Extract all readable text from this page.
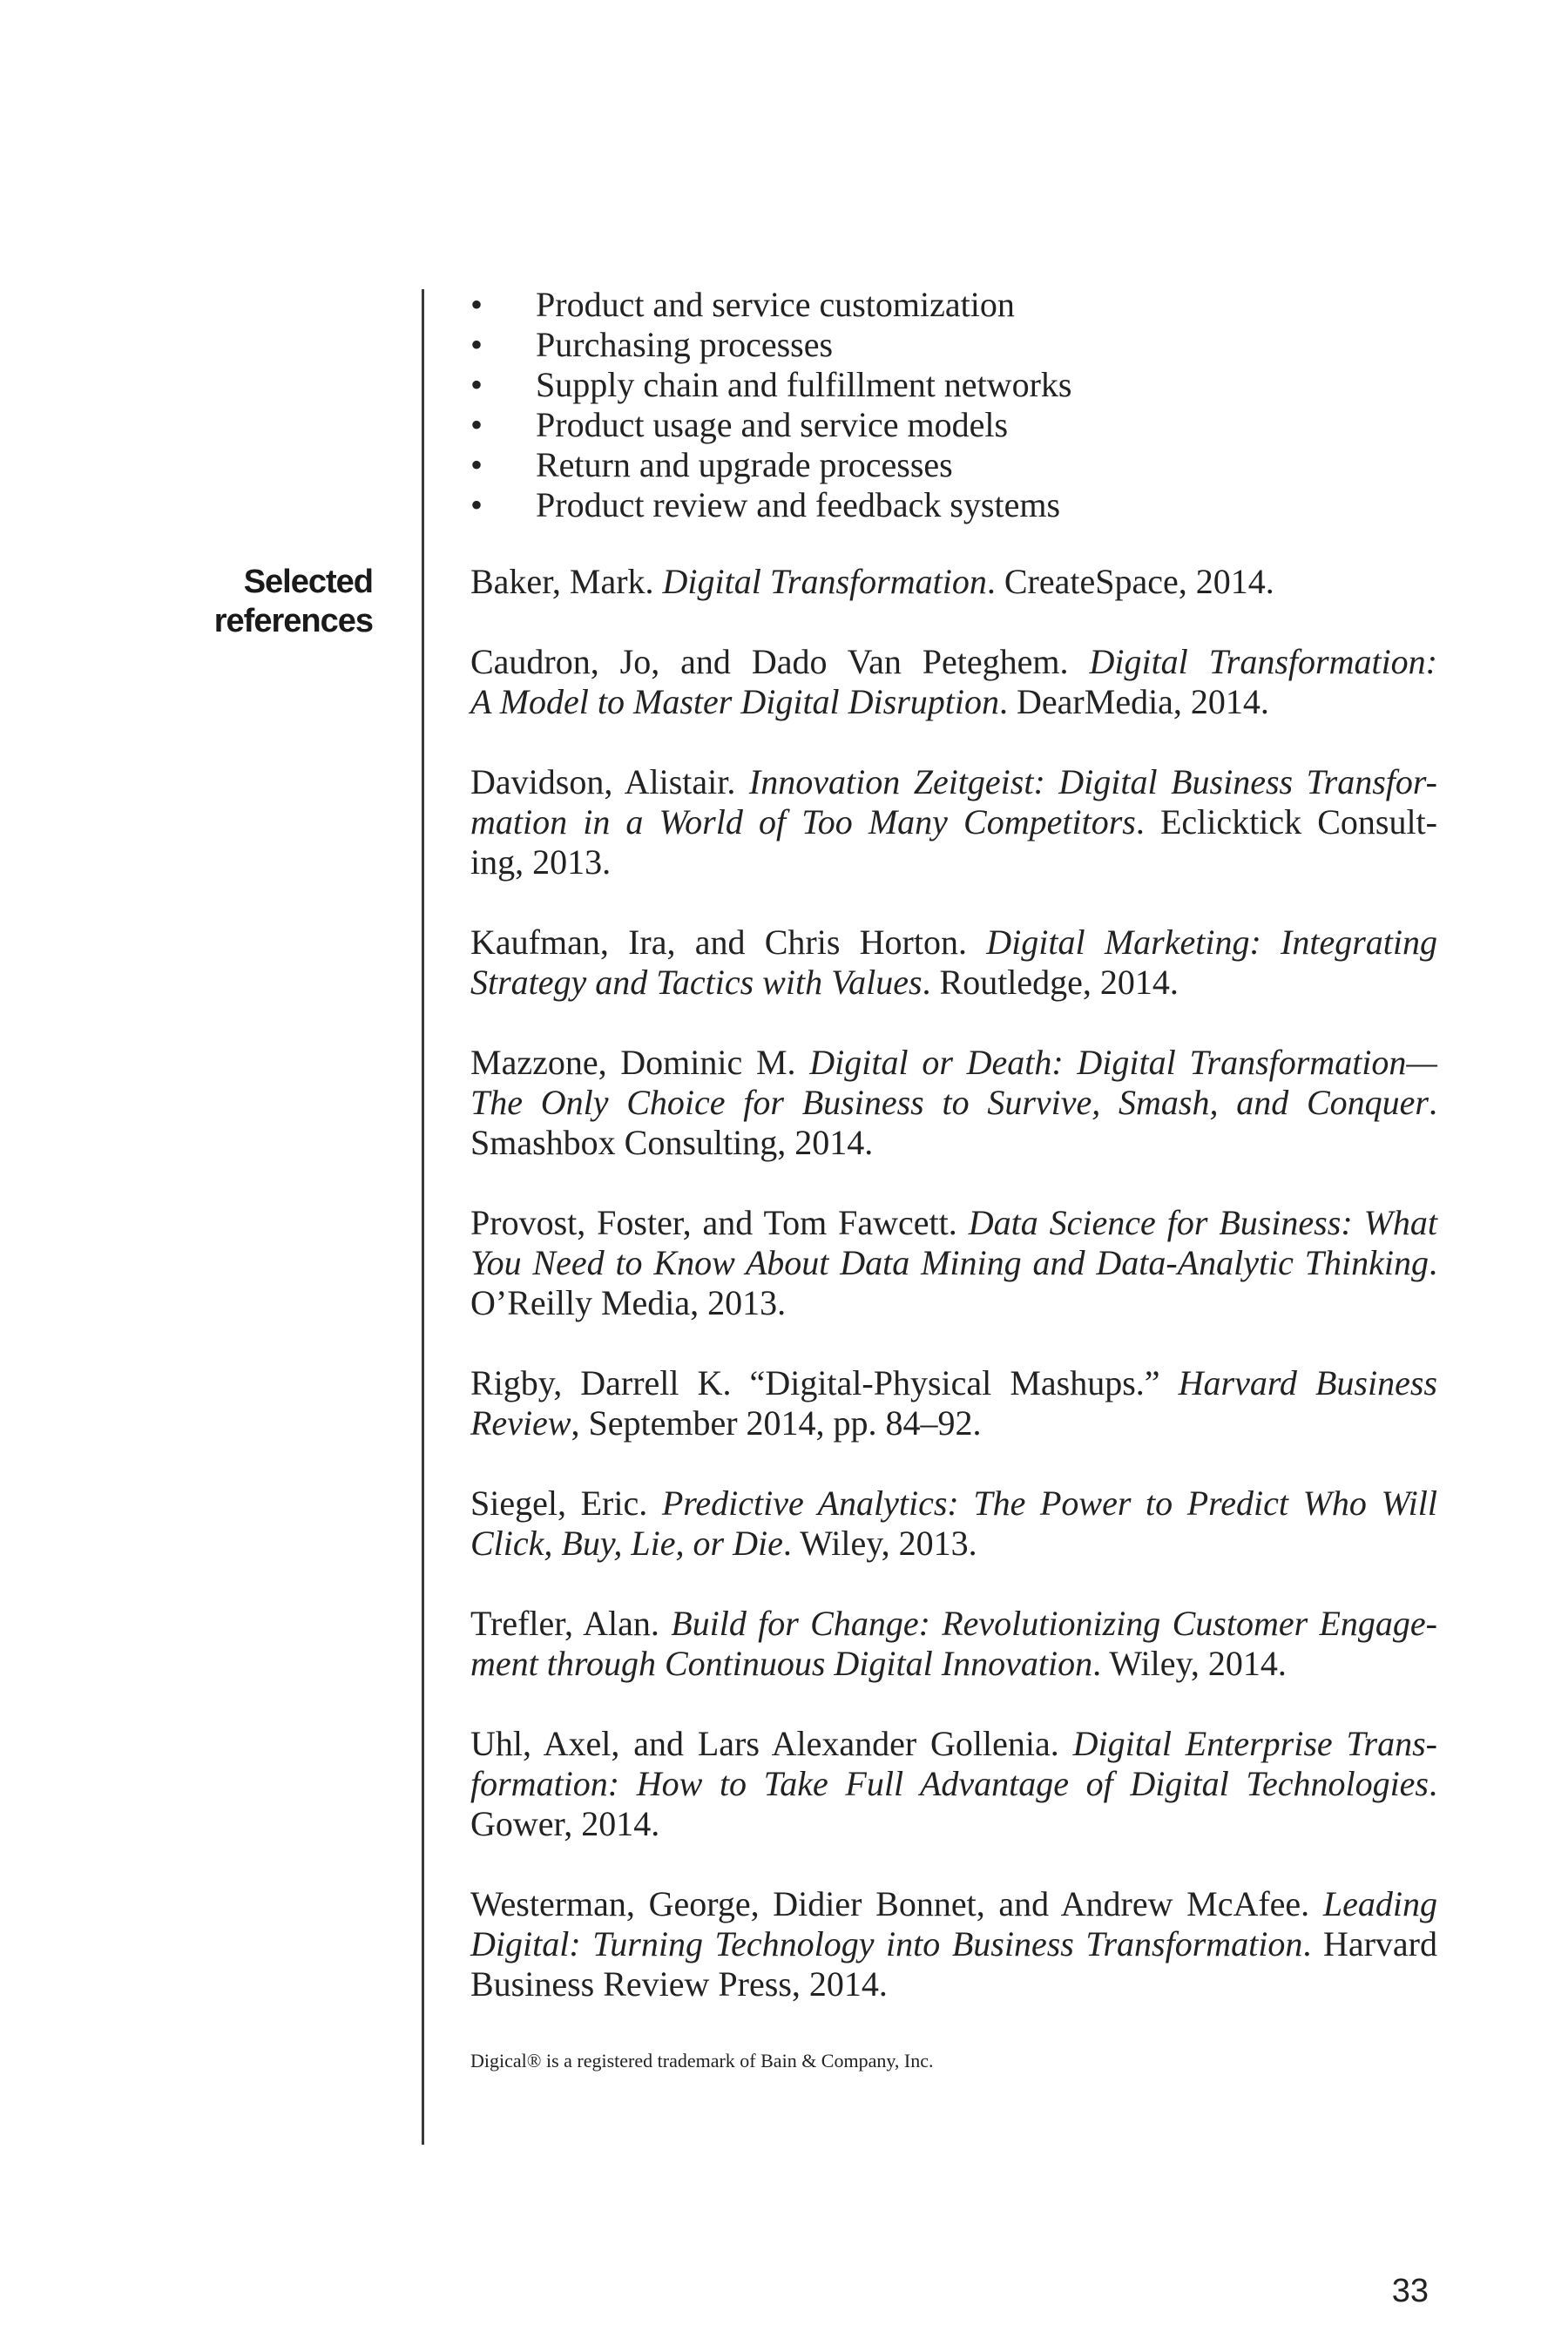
• Product and service customization
• Purchasing processes
• Supply chain and fulfillment networks
• Product usage and service models
• Return and upgrade processes
• Product review and feedback systems
Selected
references
Baker, Mark. Digital Transformation. CreateSpace, 2014.
Caudron, Jo, and Dado Van Peteghem. Digital Transformation:
A Model to Master Digital Disruption. DearMedia, 2014.
Davidson, Alistair. Innovation Zeitgeist: Digital Business Transfor-
mation in a World of Too Many Competitors. Eclicktick Consult-
ing, 2013.
Kaufman, Ira, and Chris Horton. Digital Marketing: Integrating
Strategy and Tactics with Values. Routledge, 2014.
Mazzone, Dominic M. Digital or Death: Digital Transformation—
The Only Choice for Business to Survive, Smash, and Conquer.
Smashbox Consulting, 2014.
Provost, Foster, and Tom Fawcett. Data Science for Business: What
You Need to Know About Data Mining and Data-Analytic Thinking.
O’Reilly Media, 2013.
Rigby, Darrell K. “Digital-Physical Mashups.” Harvard Business
Review, September 2014, pp. 84–92.
Siegel, Eric. Predictive Analytics: The Power to Predict Who Will
Click, Buy, Lie, or Die. Wiley, 2013.
Trefler, Alan. Build for Change: Revolutionizing Customer Engage-
ment through Continuous Digital Innovation. Wiley, 2014.
Uhl, Axel, and Lars Alexander Gollenia. Digital Enterprise Trans-
formation: How to Take Full Advantage of Digital Technologies.
Gower, 2014.
Westerman, George, Didier Bonnet, and Andrew McAfee. Leading
Digital: Turning Technology into Business Transformation. Harvard
Business Review Press, 2014.
Digical® is a registered trademark of Bain & Company, Inc.
33
